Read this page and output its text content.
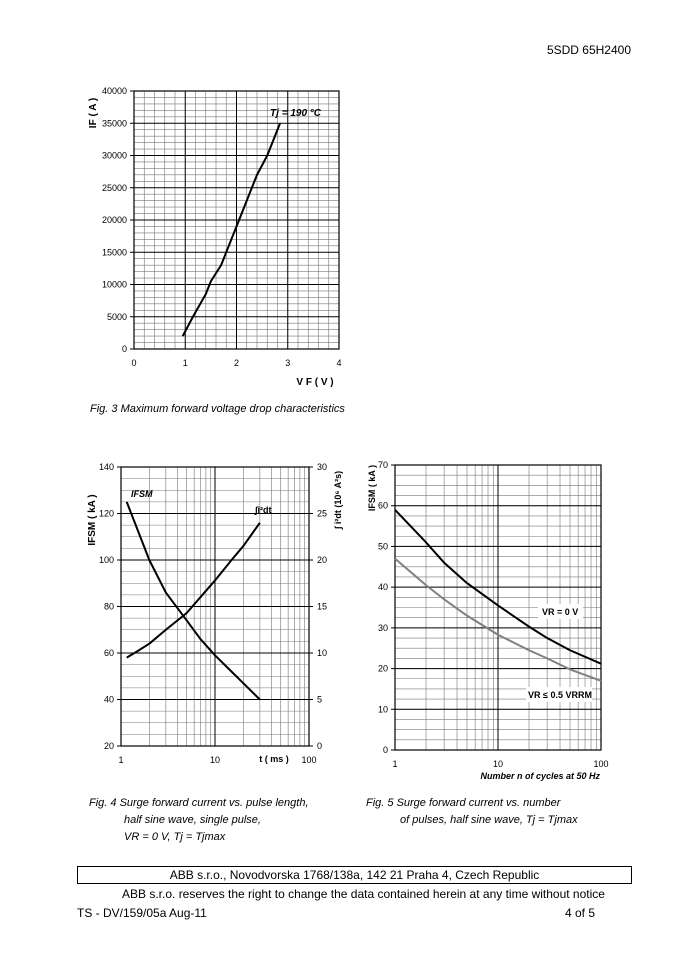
5SDD 65H2400
0	1	2	3	4
0
5000
10000
15000
20000
25000
30000
35000
40000
Tj = 190 °C
V F ( V )
IF ( A )
1	10	100
20
40
60
80
100
120
140
0
5
10
15
20
25
30
t ( ms )
IFSM ( kA )	∫ i²dt (10⁶ A²s)
IFSM
∫i²dt
1	10	100
0
10
20
30
40
50
60
70
Number n of cycles at 50 Hz
IFSM ( kA )
VR = 0 V
VR ≤ 0.5 VRRM
Fig. 3 Maximum forward voltage drop characteristics
Fig. 4 Surge forward current vs. pulse length,
half sine wave, single pulse,
VR = 0 V, Tj = Tjmax
Fig. 5 Surge forward current vs. number
of pulses, half sine wave, Tj = Tjmax
ABB s.r.o., Novodvorska 1768/138a, 142 21 Praha 4, Czech Republic
ABB s.r.o. reserves the right to change the data contained herein at any time without notice
TS - DV/159/05a Aug-11	4 of 5
